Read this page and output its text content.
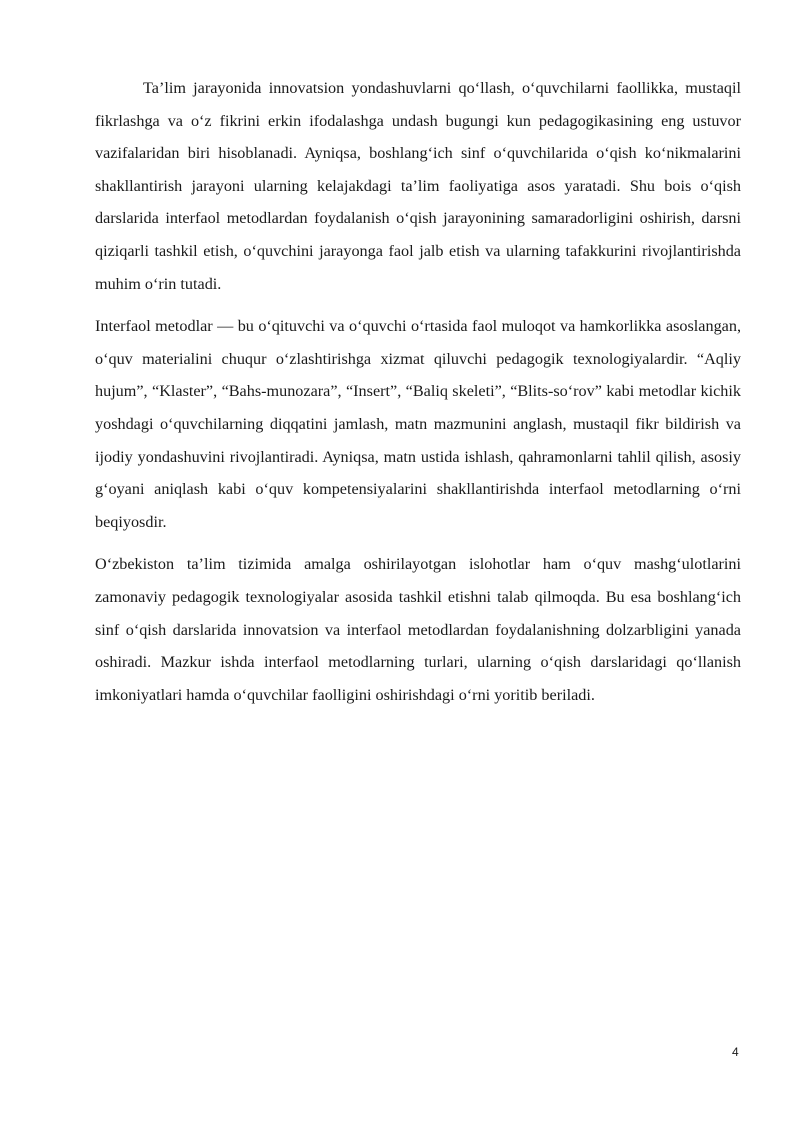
Ta’lim jarayonida innovatsion yondashuvlarni qo‘llash, o‘quvchilarni faollikka, mustaqil fikrlashga va o‘z fikrini erkin ifodalashga undash bugungi kun pedagogikasining eng ustuvor vazifalaridan biri hisoblanadi. Ayniqsa, boshlang‘ich sinf o‘quvchilarida o‘qish ko‘nikmalarini shakllantirish jarayoni ularning kelajakdagi ta’lim faoliyatiga asos yaratadi. Shu bois o‘qish darslarida interfaol metodlardan foydalanish o‘qish jarayonining samaradorligini oshirish, darsni qiziqarli tashkil etish, o‘quvchini jarayonga faol jalb etish va ularning tafakkurini rivojlantirishda muhim o‘rin tutadi.

Interfaol metodlar — bu o‘qituvchi va o‘quvchi o‘rtasida faol muloqot va hamkorlikka asoslangan, o‘quv materialini chuqur o‘zlashtirishga xizmat qiluvchi pedagogik texnologiyalardir. “Aqliy hujum”, “Klaster”, “Bahs-munozara”, “Insert”, “Baliq skeleti”, “Blits-so‘rov” kabi metodlar kichik yoshdagi o‘quvchilarning diqqatini jamlash, matn mazmunini anglash, mustaqil fikr bildirish va ijodiy yondashuvini rivojlantiradi. Ayniqsa, matn ustida ishlash, qahramonlarni tahlil qilish, asosiy g‘oyani aniqlash kabi o‘quv kompetensiyalarini shakllantirishda interfaol metodlarning o‘rni beqiyosdir.

O‘zbekiston ta’lim tizimida amalga oshirilayotgan islohotlar ham o‘quv mashg‘ulotlarini zamonaviy pedagogik texnologiyalar asosida tashkil etishni talab qilmoqda. Bu esa boshlang‘ich sinf o‘qish darslarida innovatsion va interfaol metodlardan foydalanishning dolzarbligini yanada oshiradi. Mazkur ishda interfaol metodlarning turlari, ularning o‘qish darslaridagi qo‘llanish imkoniyatlari hamda o‘quvchilar faolligini oshirishdagi o‘rni yoritib beriladi.

4
